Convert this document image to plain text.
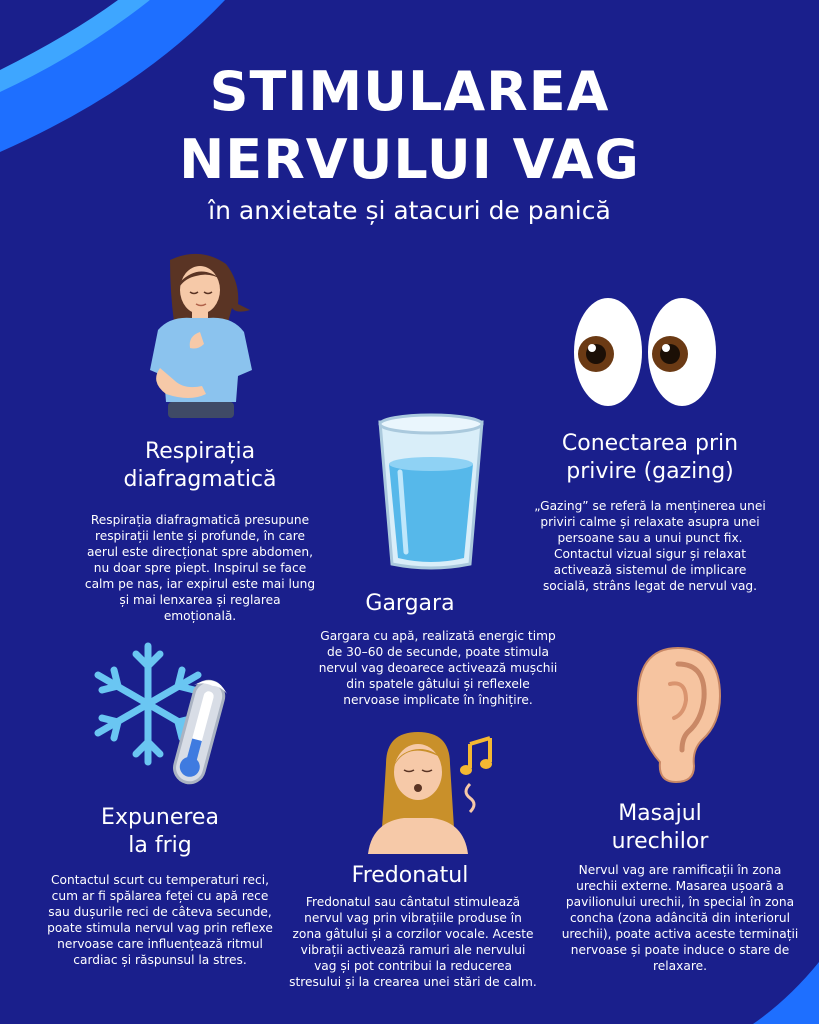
STIMULAREA
NERVULUI VAG
în anxietate și atacuri de panică
Respirația
diafragmatică
Respirația diafragmatică presupune respirații lente și profunde, în care aerul este direcționat spre abdomen, nu doar spre piept. Inspirul se face calm pe nas, iar expirul este mai lung și mai lenxarea și reglarea emoțională.
Conectarea prin
privire (gazing)
„Gazing” se referă la menținerea unei priviri calme și relaxate asupra unei persoane sau a unui punct fix. Contactul vizual sigur și relaxat activează sistemul de implicare socială, strâns legat de nervul vag.
Gargara
Gargara cu apă, realizată energic timp de 30–60 de secunde, poate stimula nervul vag deoarece activează mușchii din spatele gâtului și reflexele nervoase implicate în înghițire.
Expunerea
la frig
Contactul scurt cu temperaturi reci, cum ar fi spălarea feței cu apă rece sau dușurile reci de câteva secunde, poate stimula nervul vag prin reflexe nervoase care influențează ritmul cardiac și răspunsul la stres.
Fredonatul
Fredonatul sau cântatul stimulează nervul vag prin vibrațiile produse în zona gâtului și a corzilor vocale. Aceste vibrații activează ramuri ale nervului vag și pot contribui la reducerea stresului și la crearea unei stări de calm.
Masajul
urechilor
Nervul vag are ramificații în zona urechii externe. Masarea ușoară a pavilionului urechii, în special în zona concha (zona adâncită din interiorul urechii), poate activa aceste terminații nervoase și poate induce o stare de relaxare.
